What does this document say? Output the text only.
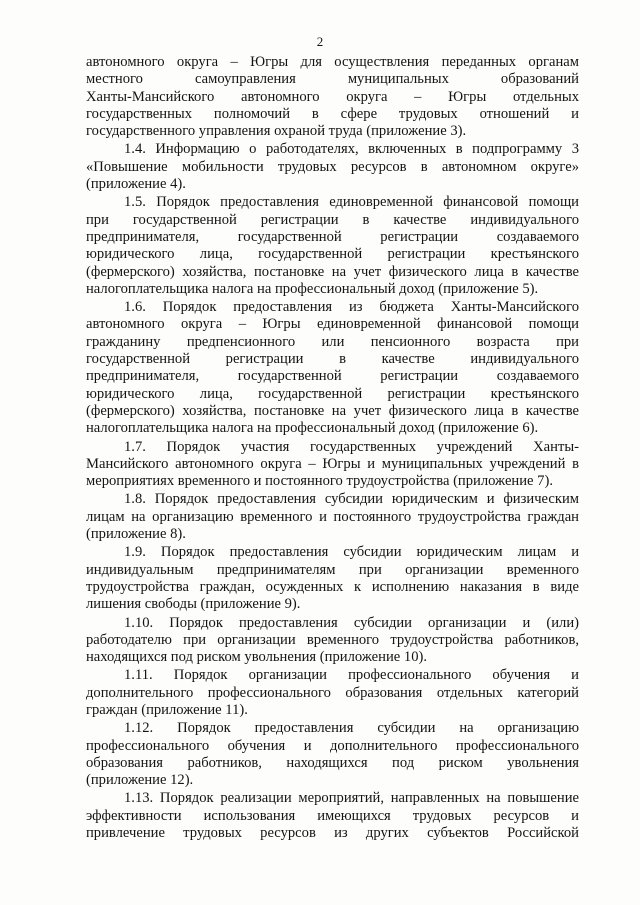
2
автономного округа – Югры для осуществления переданных органам
местного самоуправления муниципальных образований
Ханты-Мансийского автономного округа – Югры отдельных
государственных полномочий в сфере трудовых отношений и
государственного управления охраной труда (приложение 3).
1.4. Информацию о работодателях, включенных в подпрограмму 3
«Повышение мобильности трудовых ресурсов в автономном округе»
(приложение 4).
1.5. Порядок предоставления единовременной финансовой помощи
при государственной регистрации в качестве индивидуального
предпринимателя, государственной регистрации создаваемого
юридического лица, государственной регистрации крестьянского
(фермерского) хозяйства, постановке на учет физического лица в качестве
налогоплательщика налога на профессиональный доход (приложение 5).
1.6. Порядок предоставления из бюджета Ханты-Мансийского
автономного округа – Югры единовременной финансовой помощи
гражданину предпенсионного или пенсионного возраста при
государственной регистрации в качестве индивидуального
предпринимателя, государственной регистрации создаваемого
юридического лица, государственной регистрации крестьянского
(фермерского) хозяйства, постановке на учет физического лица в качестве
налогоплательщика налога на профессиональный доход (приложение 6).
1.7. Порядок участия государственных учреждений Ханты-
Мансийского автономного округа – Югры и муниципальных учреждений в
мероприятиях временного и постоянного трудоустройства (приложение 7).
1.8. Порядок предоставления субсидии юридическим и физическим
лицам на организацию временного и постоянного трудоустройства граждан
(приложение 8).
1.9. Порядок предоставления субсидии юридическим лицам и
индивидуальным предпринимателям при организации временного
трудоустройства граждан, осужденных к исполнению наказания в виде
лишения свободы (приложение 9).
1.10. Порядок предоставления субсидии организации и (или)
работодателю при организации временного трудоустройства работников,
находящихся под риском увольнения (приложение 10).
1.11. Порядок организации профессионального обучения и
дополнительного профессионального образования отдельных категорий
граждан (приложение 11).
1.12. Порядок предоставления субсидии на организацию
профессионального обучения и дополнительного профессионального
образования работников, находящихся под риском увольнения
(приложение 12).
1.13. Порядок реализации мероприятий, направленных на повышение
эффективности использования имеющихся трудовых ресурсов и
привлечение трудовых ресурсов из других субъектов Российской
